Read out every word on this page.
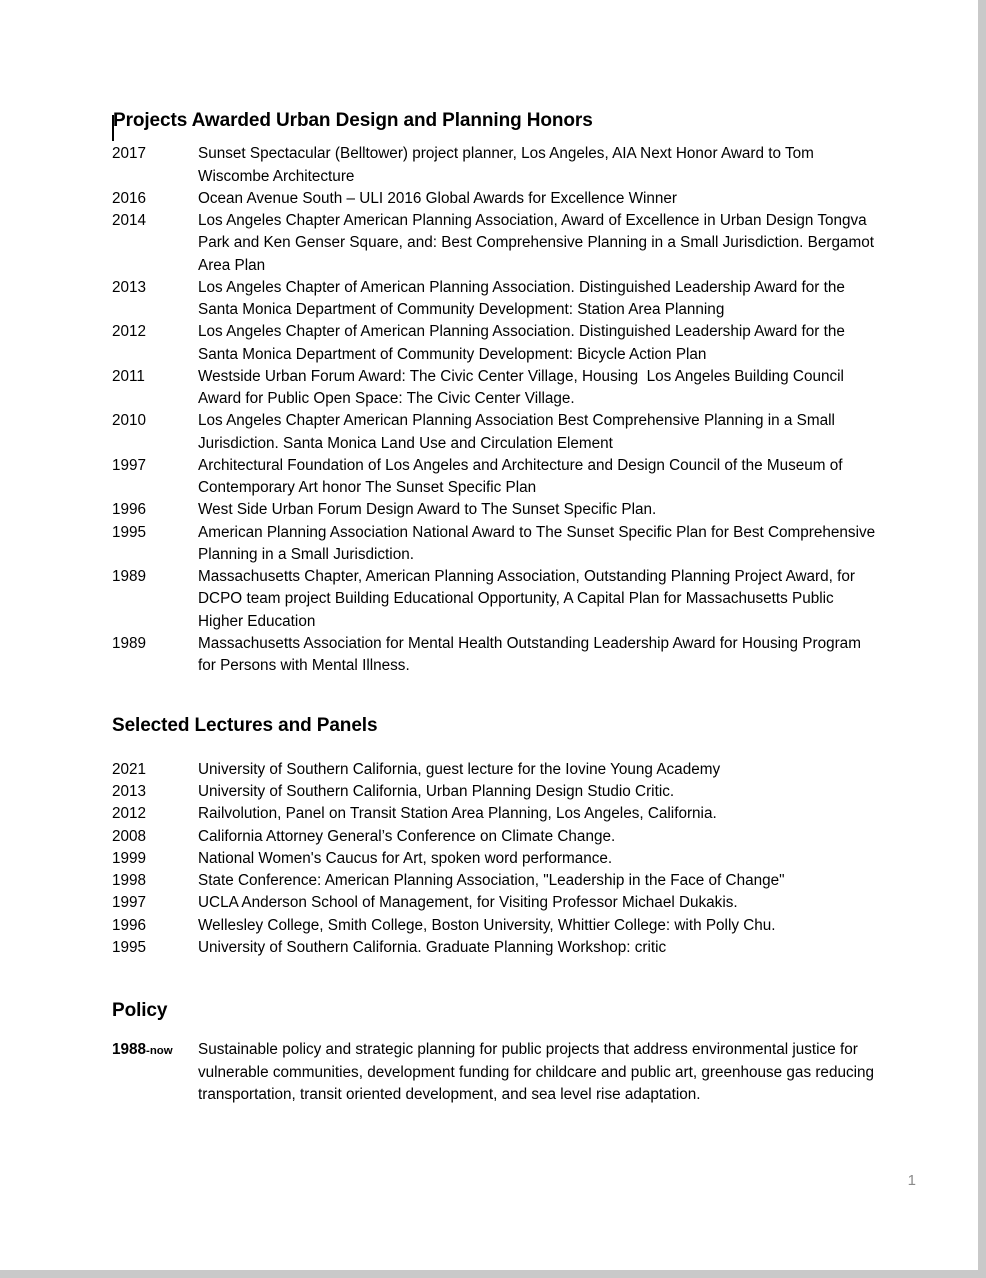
Projects Awarded Urban Design and Planning Honors
2017	Sunset Spectacular (Belltower) project planner, Los Angeles, AIA Next Honor Award to Tom Wiscombe Architecture
2016	Ocean Avenue South – ULI 2016 Global Awards for Excellence Winner
2014	Los Angeles Chapter American Planning Association, Award of Excellence in Urban Design Tongva Park and Ken Genser Square, and: Best Comprehensive Planning in a Small Jurisdiction. Bergamot Area Plan
2013	Los Angeles Chapter of American Planning Association. Distinguished Leadership Award for the Santa Monica Department of Community Development: Station Area Planning
2012	Los Angeles Chapter of American Planning Association. Distinguished Leadership Award for the Santa Monica Department of Community Development: Bicycle Action Plan
2011	Westside Urban Forum Award: The Civic Center Village, Housing  Los Angeles Building Council Award for Public Open Space: The Civic Center Village.
2010	Los Angeles Chapter American Planning Association Best Comprehensive Planning in a Small Jurisdiction. Santa Monica Land Use and Circulation Element
1997	Architectural Foundation of Los Angeles and Architecture and Design Council of the Museum of Contemporary Art honor The Sunset Specific Plan
1996	West Side Urban Forum Design Award to The Sunset Specific Plan.
1995	American Planning Association National Award to The Sunset Specific Plan for Best Comprehensive Planning in a Small Jurisdiction.
1989	Massachusetts Chapter, American Planning Association, Outstanding Planning Project Award, for DCPO team project Building Educational Opportunity, A Capital Plan for Massachusetts Public Higher Education
1989	Massachusetts Association for Mental Health Outstanding Leadership Award for Housing Program for Persons with Mental Illness.
Selected Lectures and Panels
2021	University of Southern California, guest lecture for the Iovine Young Academy
2013	University of Southern California, Urban Planning Design Studio Critic.
2012	Railvolution, Panel on Transit Station Area Planning, Los Angeles, California.
2008	California Attorney General’s Conference on Climate Change.
1999	National Women's Caucus for Art, spoken word performance.
1998	State Conference: American Planning Association, "Leadership in the Face of Change"
1997	UCLA Anderson School of Management, for Visiting Professor Michael Dukakis.
1996	Wellesley College, Smith College, Boston University, Whittier College: with Polly Chu.
1995	University of Southern California. Graduate Planning Workshop: critic
Policy
1988-now	Sustainable policy and strategic planning for public projects that address environmental justice for vulnerable communities, development funding for childcare and public art, greenhouse gas reducing transportation, transit oriented development, and sea level rise adaptation.
1
